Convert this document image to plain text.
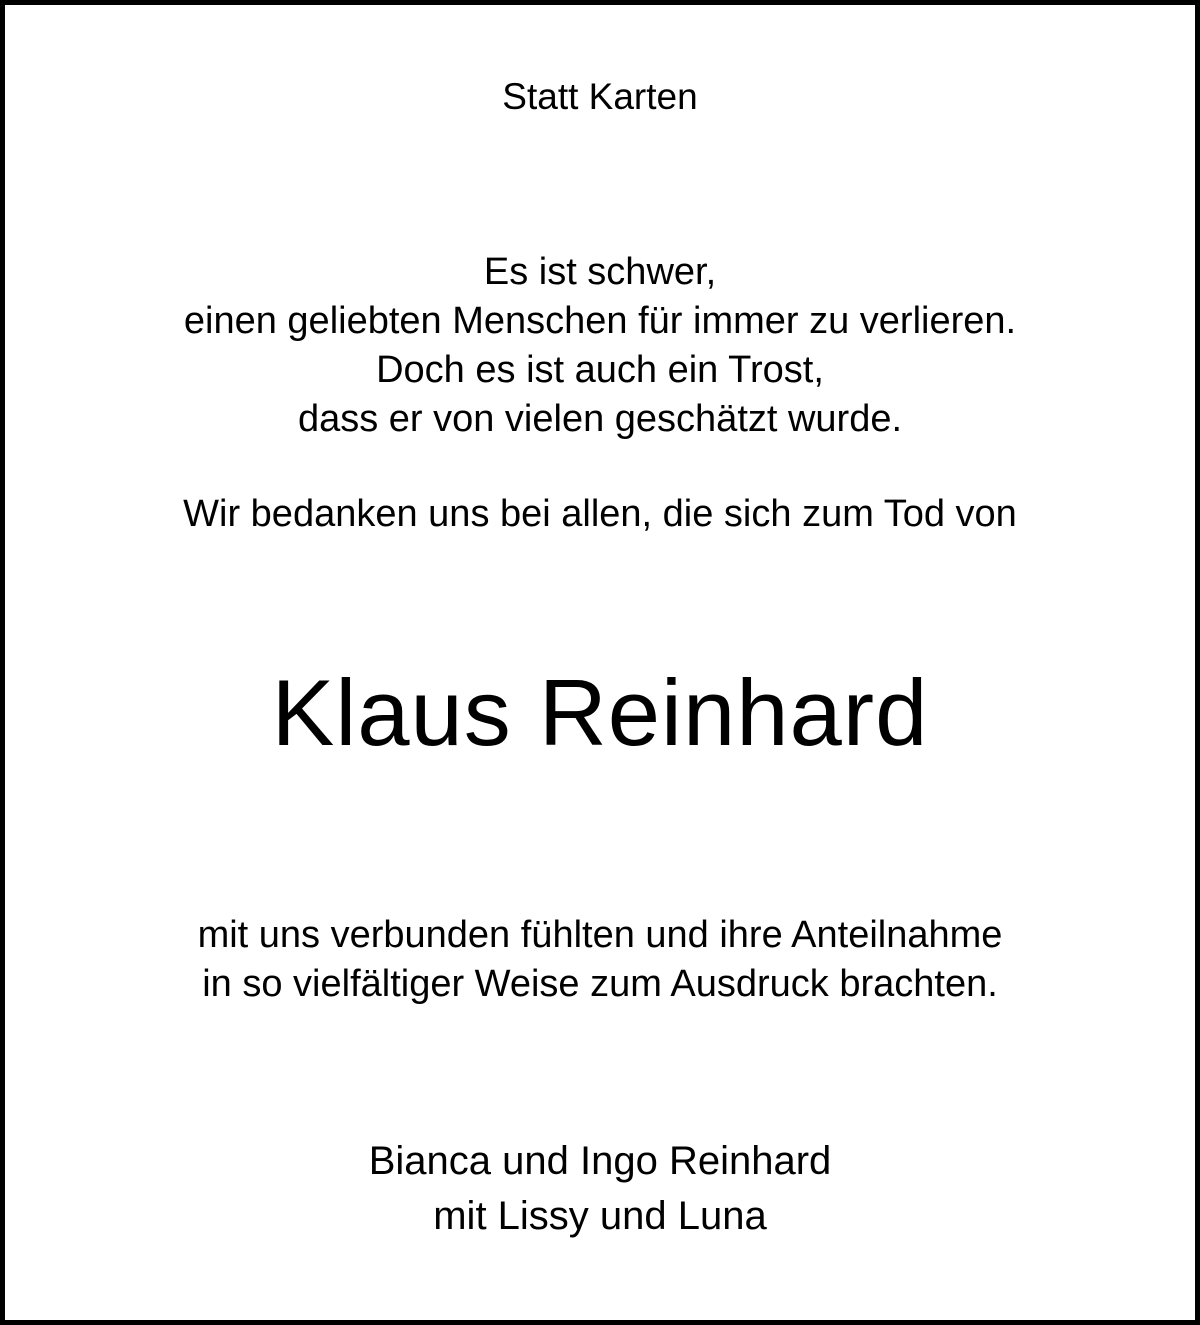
Statt Karten
Es ist schwer,
einen geliebten Menschen für immer zu verlieren.
Doch es ist auch ein Trost,
dass er von vielen geschätzt wurde.
Wir bedanken uns bei allen, die sich zum Tod von
Klaus Reinhard
mit uns verbunden fühlten und ihre Anteilnahme
in so vielfältiger Weise zum Ausdruck brachten.
Bianca und Ingo Reinhard
mit Lissy und Luna
